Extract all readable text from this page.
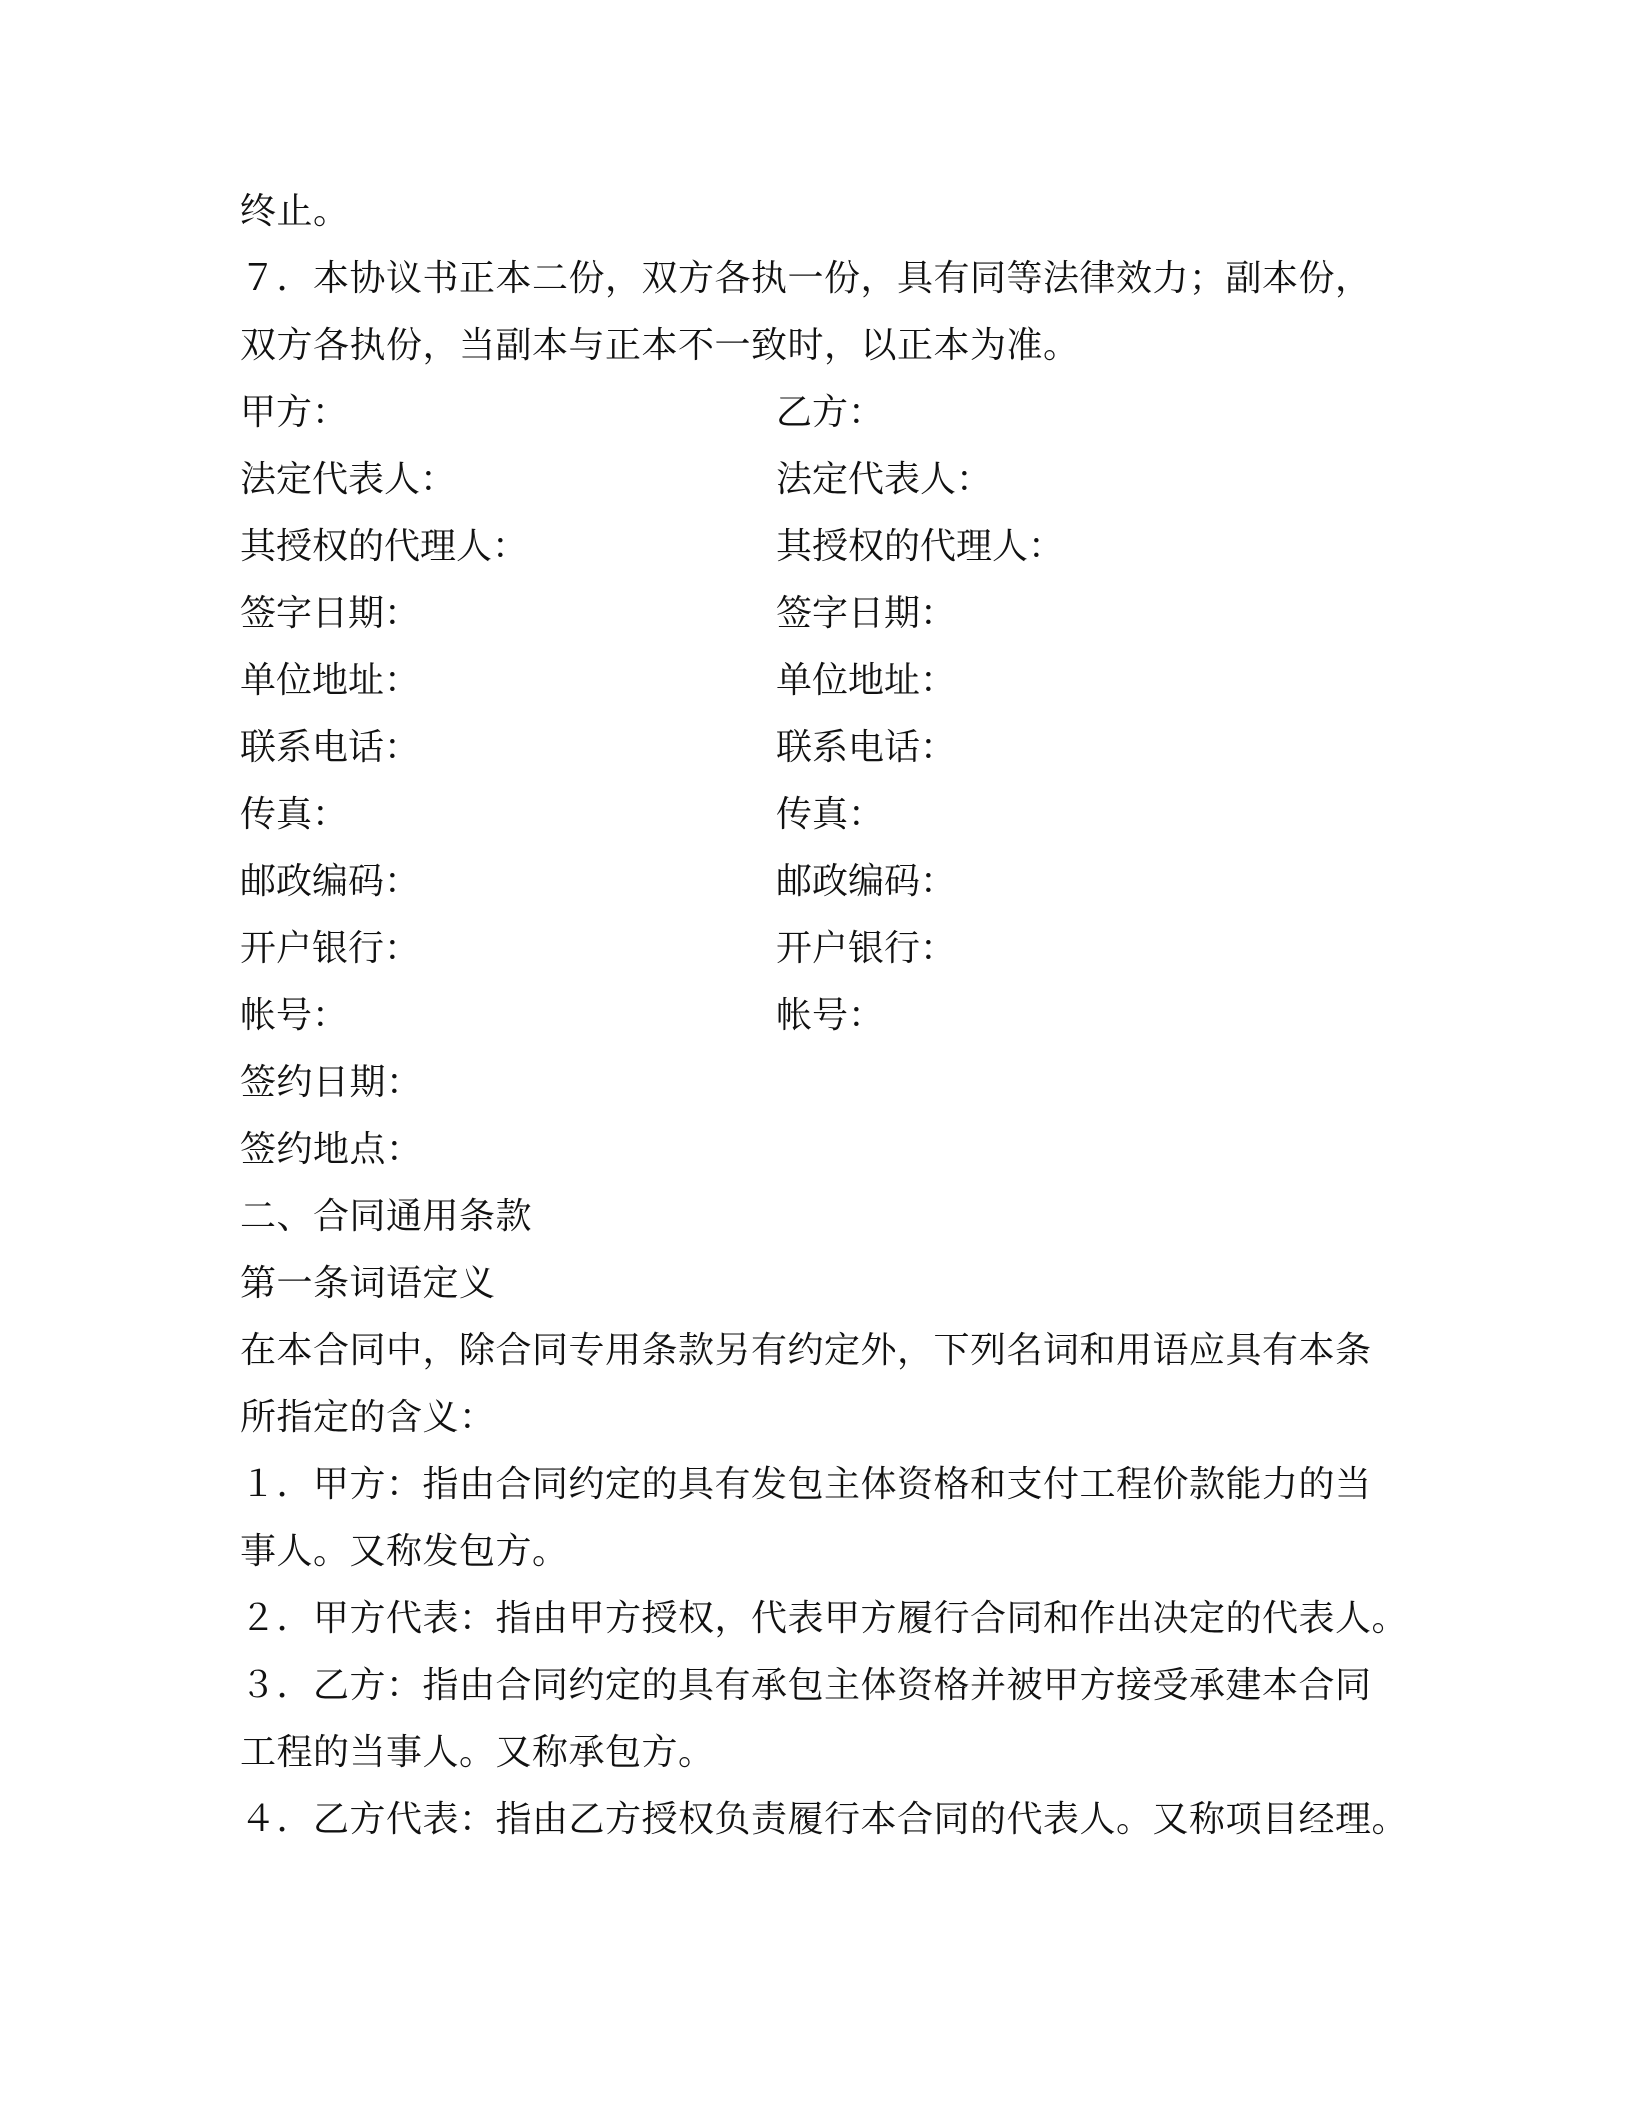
终止。
７．本协议书正本二份，双方各执一份，具有同等法律效力；副本份，
双方各执份，当副本与正本不一致时，以正本为准。
甲方：	乙方：
法定代表人：	法定代表人：
其授权的代理人：	其授权的代理人：
签字日期：	签字日期：
单位地址：	单位地址：
联系电话：	联系电话：
传真：	传真：
邮政编码：	邮政编码：
开户银行：	开户银行：
帐号：	帐号：
签约日期：
签约地点：
二、合同通用条款
第一条词语定义
在本合同中，除合同专用条款另有约定外，下列名词和用语应具有本条
所指定的含义：
１．甲方：指由合同约定的具有发包主体资格和支付工程价款能力的当
事人。又称发包方。
２．甲方代表：指由甲方授权，代表甲方履行合同和作出决定的代表人。
３．乙方：指由合同约定的具有承包主体资格并被甲方接受承建本合同
工程的当事人。又称承包方。
４．乙方代表：指由乙方授权负责履行本合同的代表人。又称项目经理。
